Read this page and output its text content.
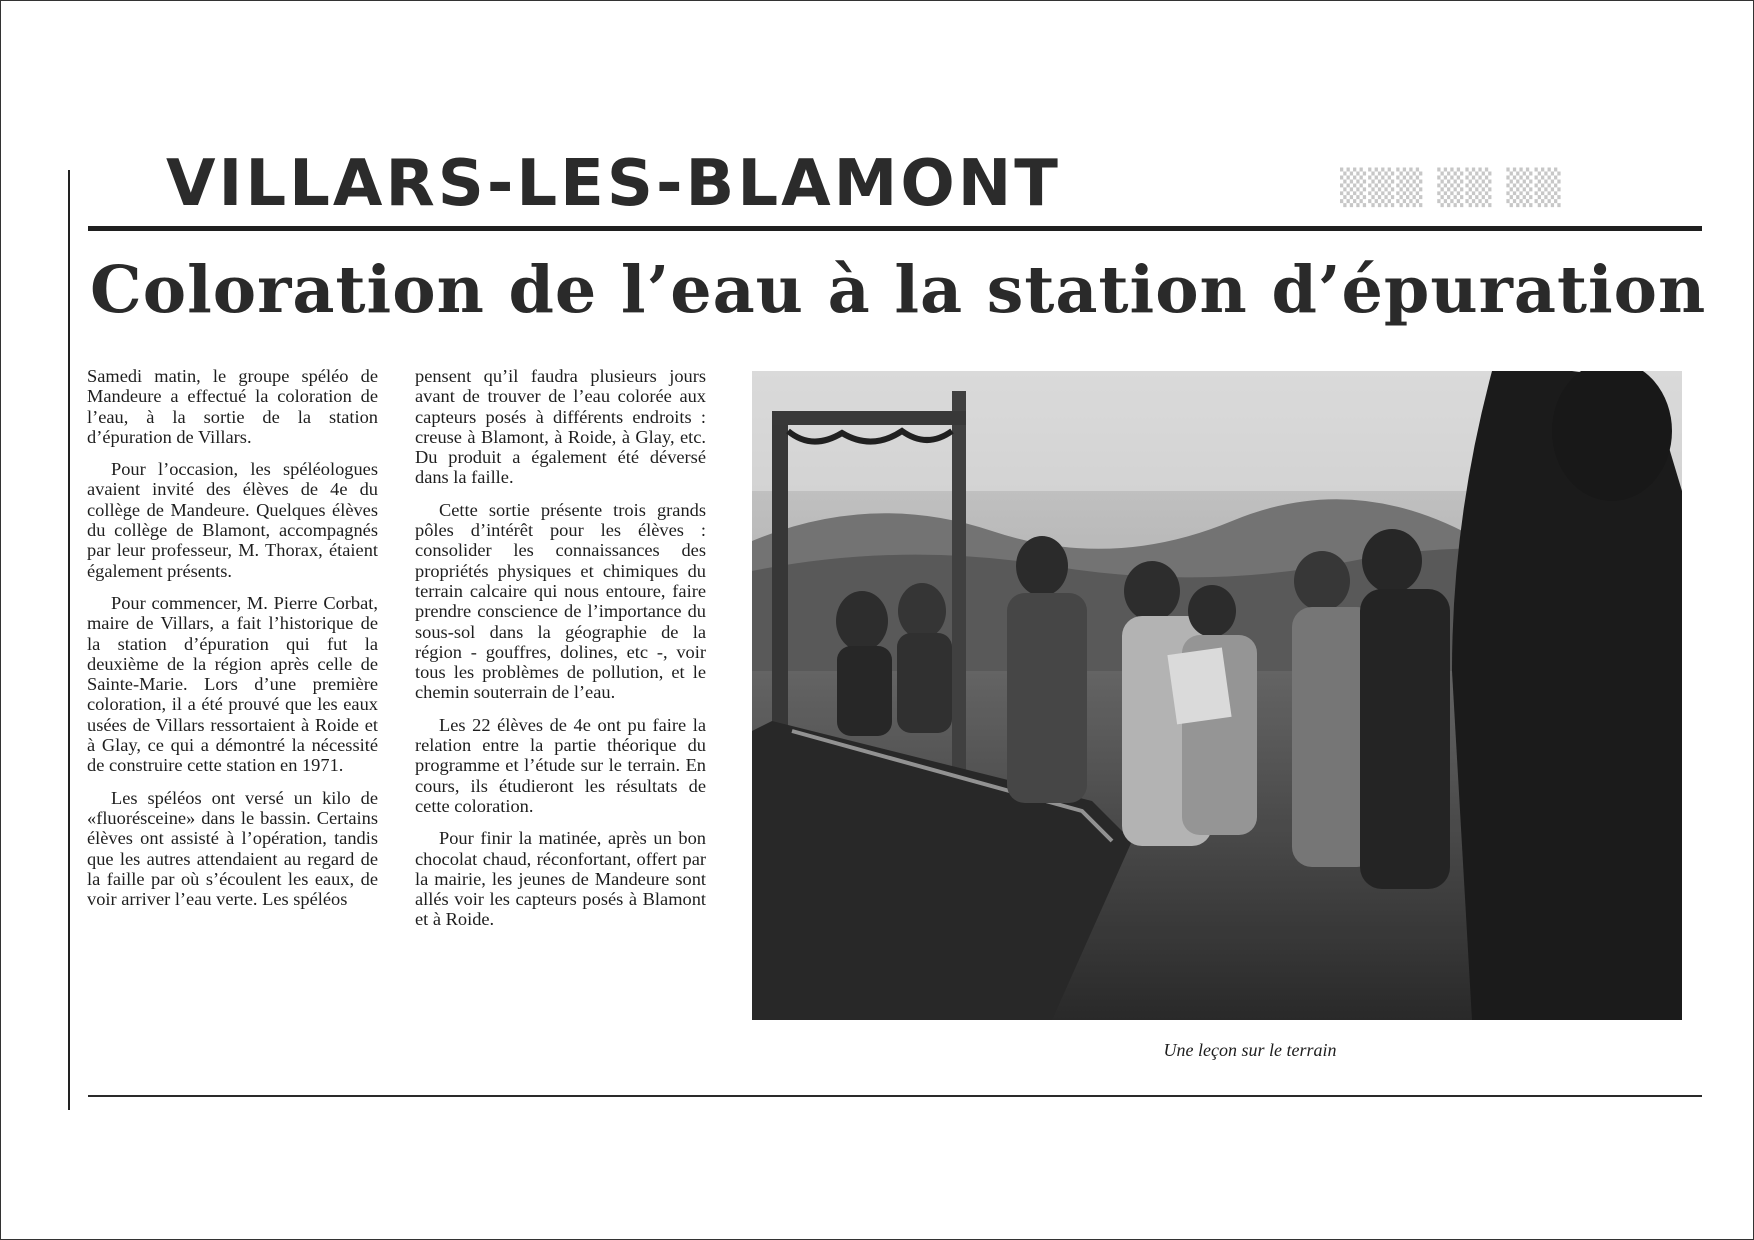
VILLARS-LES-BLAMONT	▒▒▒ ▒▒ ▒▒
Coloration de l’eau à la station d’épuration

Samedi matin, le groupe spéléo de Mandeure a effectué la coloration de l’eau, à la sortie de la station d’épuration de Villars.

Pour l’occasion, les spéléologues avaient invité des élèves de 4e du collège de Mandeure. Quelques élèves du collège de Blamont, accompagnés par leur professeur, M. Thorax, étaient également présents.

Pour commencer, M. Pierre Corbat, maire de Villars, a fait l’historique de la station d’épuration qui fut la deuxième de la région après celle de Sainte-Marie. Lors d’une première coloration, il a été prouvé que les eaux usées de Villars ressortaient à Roide et à Glay, ce qui a démontré la nécessité de construire cette station en 1971.

Les spéléos ont versé un kilo de «fluorésceine» dans le bassin. Certains élèves ont assisté à l’opération, tandis que les autres attendaient au regard de la faille par où s’écoulent les eaux, de voir arriver l’eau verte. Les spéléos

pensent qu’il faudra plusieurs jours avant de trouver de l’eau colorée aux capteurs posés à différents endroits : creuse à Blamont, à Roide, à Glay, etc. Du produit a également été déversé dans la faille.

Cette sortie présente trois grands pôles d’intérêt pour les élèves : consolider les connaissances des propriétés physiques et chimiques du terrain calcaire qui nous entoure, faire prendre conscience de l’importance du sous-sol dans la géographie de la région - gouffres, dolines, etc -, voir tous les problèmes de pollution, et le chemin souterrain de l’eau.

Les 22 élèves de 4e ont pu faire la relation entre la partie théorique du programme et l’étude sur le terrain. En cours, ils étudieront les résultats de cette coloration.

Pour finir la matinée, après un bon chocolat chaud, réconfortant, offert par la mairie, les jeunes de Mandeure sont allés voir les capteurs posés à Blamont et à Roide.

Une leçon sur le terrain
